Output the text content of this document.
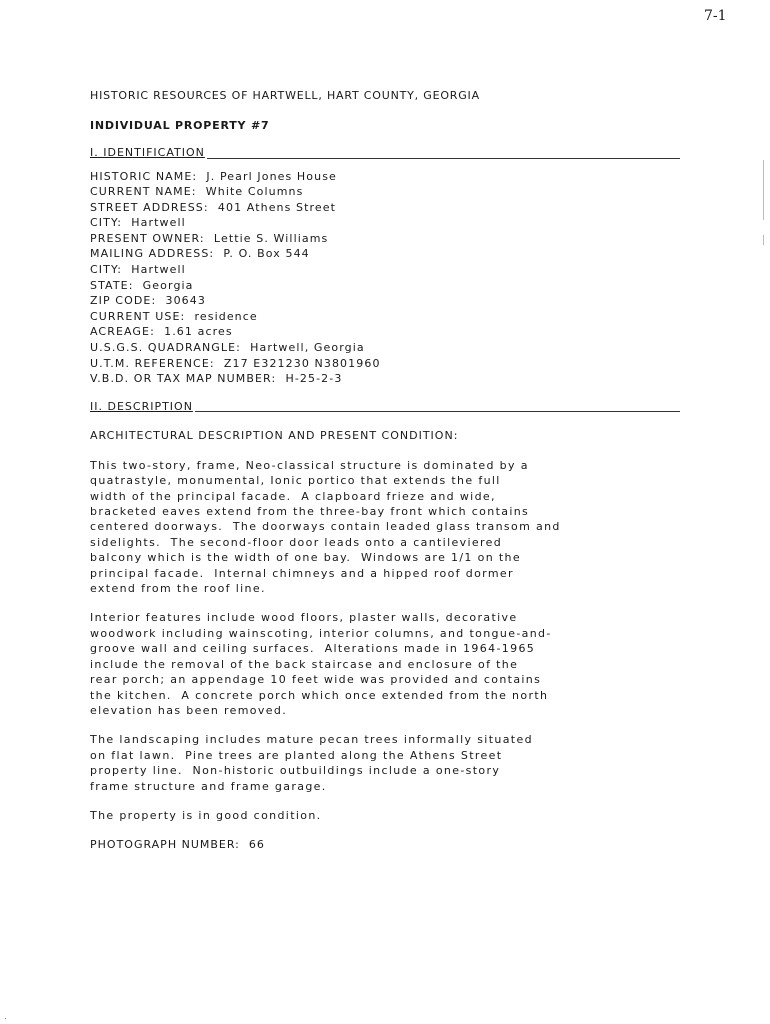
7-1
.
HISTORIC RESOURCES OF HARTWELL, HART COUNTY, GEORGIA
INDIVIDUAL PROPERTY #7
I. IDENTIFICATION
HISTORIC NAME:  J. Pearl Jones House
CURRENT NAME:  White Columns
STREET ADDRESS:  401 Athens Street
CITY:  Hartwell
PRESENT OWNER:  Lettie S. Williams
MAILING ADDRESS:  P. O. Box 544
CITY:  Hartwell
STATE:  Georgia
ZIP CODE:  30643
CURRENT USE:  residence
ACREAGE:  1.61 acres
U.S.G.S. QUADRANGLE:  Hartwell, Georgia
U.T.M. REFERENCE:  Z17 E321230 N3801960
V.B.D. OR TAX MAP NUMBER:  H-25-2-3
II. DESCRIPTION
ARCHITECTURAL DESCRIPTION AND PRESENT CONDITION:
This two-story, frame, Neo-classical structure is dominated by a
quatrastyle, monumental, Ionic portico that extends the full
width of the principal facade.  A clapboard frieze and wide,
bracketed eaves extend from the three-bay front which contains
centered doorways.  The doorways contain leaded glass transom and
sidelights.  The second-floor door leads onto a cantileviered
balcony which is the width of one bay.  Windows are 1/1 on the
principal facade.  Internal chimneys and a hipped roof dormer
extend from the roof line.
Interior features include wood floors, plaster walls, decorative
woodwork including wainscoting, interior columns, and tongue-and-
groove wall and ceiling surfaces.  Alterations made in 1964-1965
include the removal of the back staircase and enclosure of the
rear porch; an appendage 10 feet wide was provided and contains
the kitchen.  A concrete porch which once extended from the north
elevation has been removed.
The landscaping includes mature pecan trees informally situated
on flat lawn.  Pine trees are planted along the Athens Street
property line.  Non-historic outbuildings include a one-story
frame structure and frame garage.
The property is in good condition.
PHOTOGRAPH NUMBER:  66
